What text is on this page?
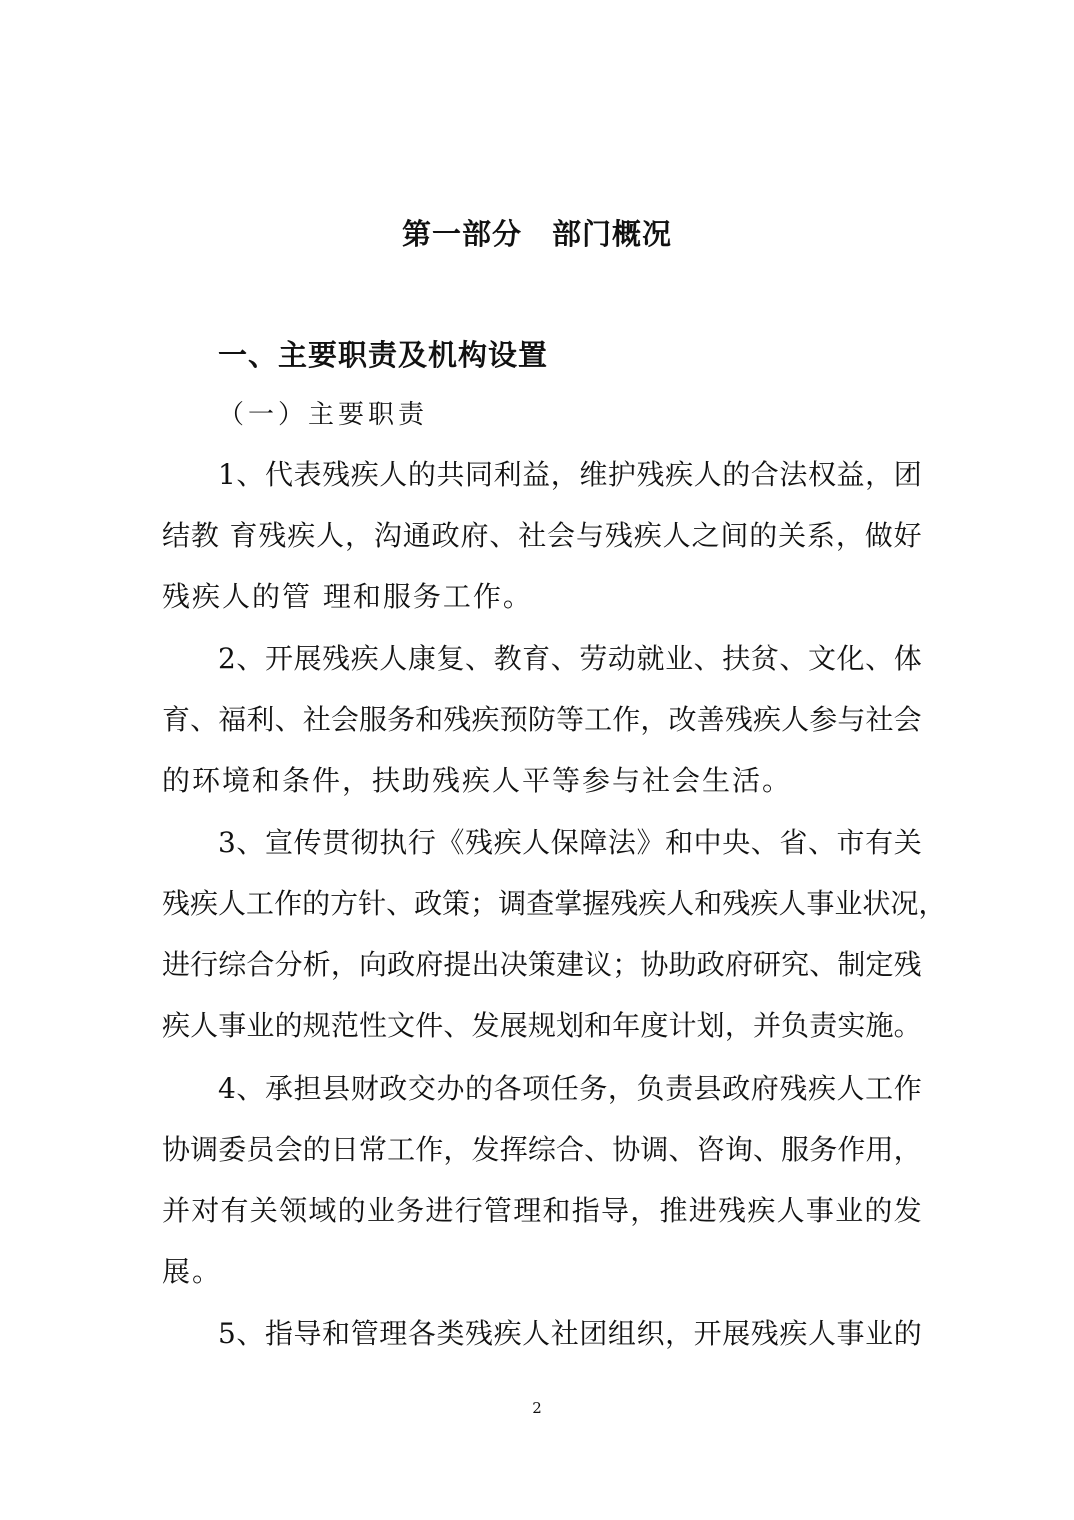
第一部分　部门概况
一、主要职责及机构设置
（一）主要职责
1 、 代 表 残 疾 人 的 共 同 利 益 ， 维 护 残 疾 人 的 合 法 权 益 ， 团
结 教
育 残 疾 人 ， 沟 通 政 府 、 社 会 与 残 疾 人 之 间 的 关 系 ， 做 好
残疾人的管 理和服务工作。
2 、 开 展 残 疾 人 康 复 、 教 育 、 劳 动 就 业 、 扶 贫 、 文 化 、 体
育 、 福 利 、 社 会 服 务 和 残 疾 预 防 等 工 作 ， 改 善 残 疾 人 参 与 社 会
的环境和条件，扶助残疾人平等参与社会生活。
3 、 宣 传 贯 彻 执 行 《 残 疾 人 保 障 法 》 和 中 央 、 省 、 市 有 关
残 疾 人 工 作 的 方 针 、 政 策 ； 调 查 掌 握 残 疾 人 和 残 疾 人 事 业 状 况 ，
进 行 综 合 分 析 ， 向 政 府 提 出 决 策 建 议 ； 协 助 政 府 研 究 、 制 定 残
疾 人 事 业 的 规 范 性 文 件 、 发 展 规 划 和 年 度 计 划 ， 并 负 责 实 施 。
4 、 承 担 县 财 政 交 办 的 各 项 任 务 ， 负 责 县 政 府 残 疾 人 工 作
协 调 委 员 会 的 日 常 工 作 ， 发 挥 综 合 、 协 调 、 咨 询 、 服 务 作 用 ，
并 对 有 关 领 域 的 业 务 进 行 管 理 和 指 导 ， 推 进 残 疾 人 事 业 的 发
展。
5 、 指 导 和 管 理 各 类 残 疾 人 社 团 组 织 ， 开 展 残 疾 人 事 业 的
2
